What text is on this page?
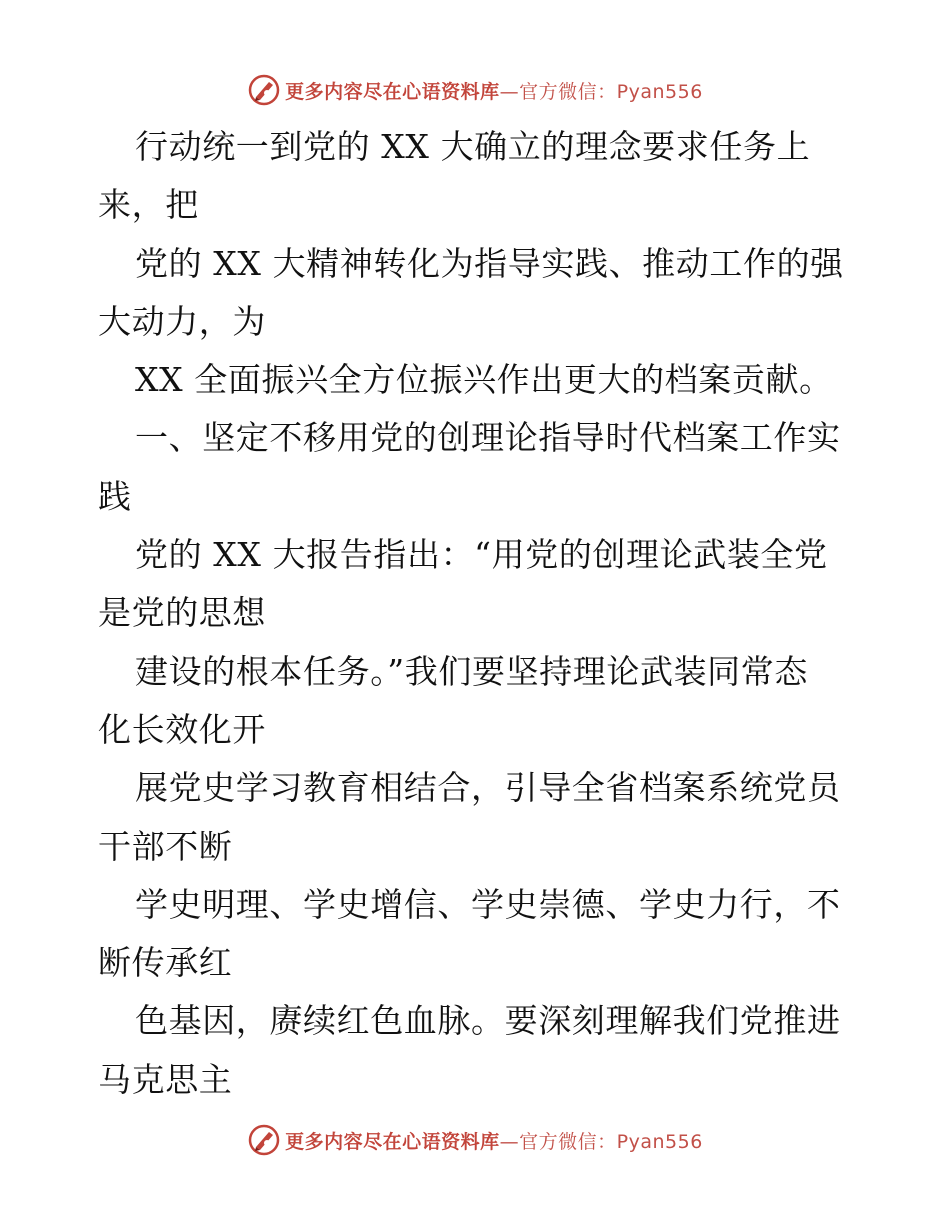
更多内容尽在心语资料库—官方微信：Pyan556
行动统一到党的 XX 大确立的理念要求任务上
来，把
党的 XX 大精神转化为指导实践、推动工作的强
大动力，为
XX 全面振兴全方位振兴作出更大的档案贡献。
一、坚定不移用党的创理论指导时代档案工作实
践
党的 XX 大报告指出：“用党的创理论武装全党
是党的思想
建设的根本任务。”我们要坚持理论武装同常态
化长效化开
展党史学习教育相结合，引导全省档案系统党员
干部不断
学史明理、学史增信、学史崇德、学史力行，不
断传承红
色基因，赓续红色血脉。要深刻理解我们党推进
马克思主
更多内容尽在心语资料库—官方微信：Pyan556
